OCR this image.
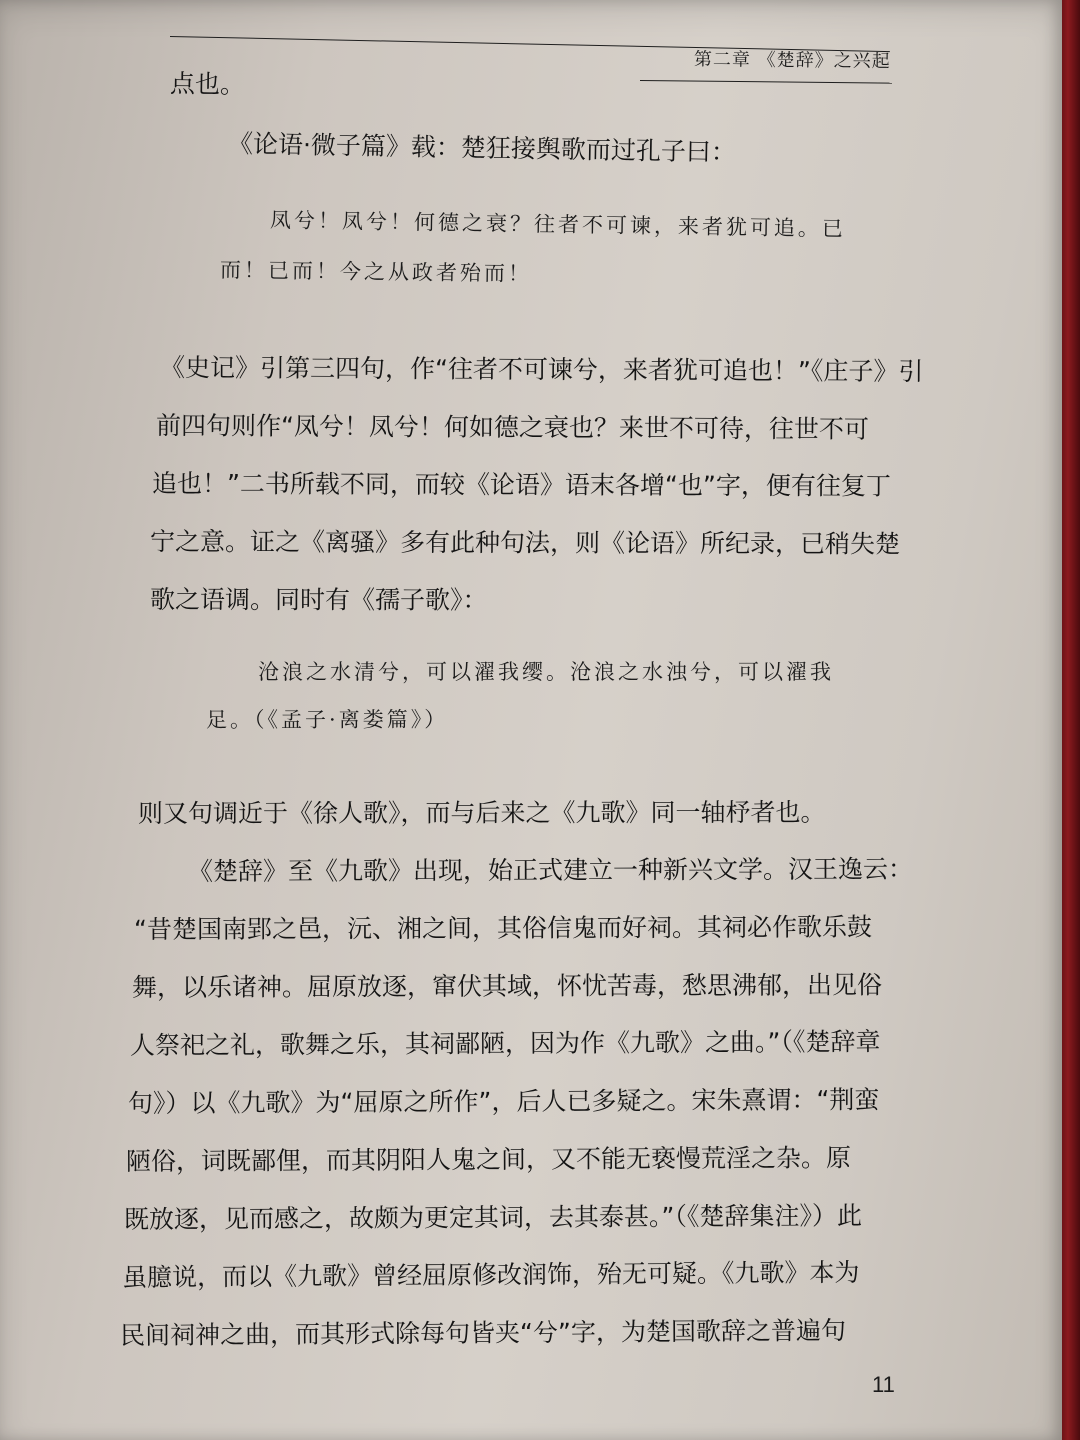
第二章 《楚辞》之兴起
点也。
《论语·微子篇》载：楚狂接舆歌而过孔子曰：
凤兮！凤兮！何德之衰？往者不可谏，来者犹可追。已
而！已而！今之从政者殆而！
《史记》引第三四句，作“往者不可谏兮，来者犹可追也！”《庄子》引
前四句则作“凤兮！凤兮！何如德之衰也？来世不可待，往世不可
追也！”二书所载不同，而较《论语》语末各增“也”字，便有往复丁
宁之意。证之《离骚》多有此种句法，则《论语》所纪录，已稍失楚
歌之语调。同时有《孺子歌》：
沧浪之水清兮，可以濯我缨。沧浪之水浊兮，可以濯我
足。（《孟子·离娄篇》）
则又句调近于《徐人歌》，而与后来之《九歌》同一轴杼者也。
《楚辞》至《九歌》出现，始正式建立一种新兴文学。汉王逸云：
“昔楚国南郢之邑，沅、湘之间，其俗信鬼而好祠。其祠必作歌乐鼓
舞，以乐诸神。屈原放逐，窜伏其域，怀忧苦毒，愁思沸郁，出见俗
人祭祀之礼，歌舞之乐，其祠鄙陋，因为作《九歌》之曲。”（《楚辞章
句》）以《九歌》为“屈原之所作”，后人已多疑之。宋朱熹谓：“荆蛮
陋俗，词既鄙俚，而其阴阳人鬼之间，又不能无亵慢荒淫之杂。原
既放逐，见而感之，故颇为更定其词，去其泰甚。”（《楚辞集注》）此
虽臆说，而以《九歌》曾经屈原修改润饰，殆无可疑。《九歌》本为
民间祠神之曲，而其形式除每句皆夹“兮”字，为楚国歌辞之普遍句
11
